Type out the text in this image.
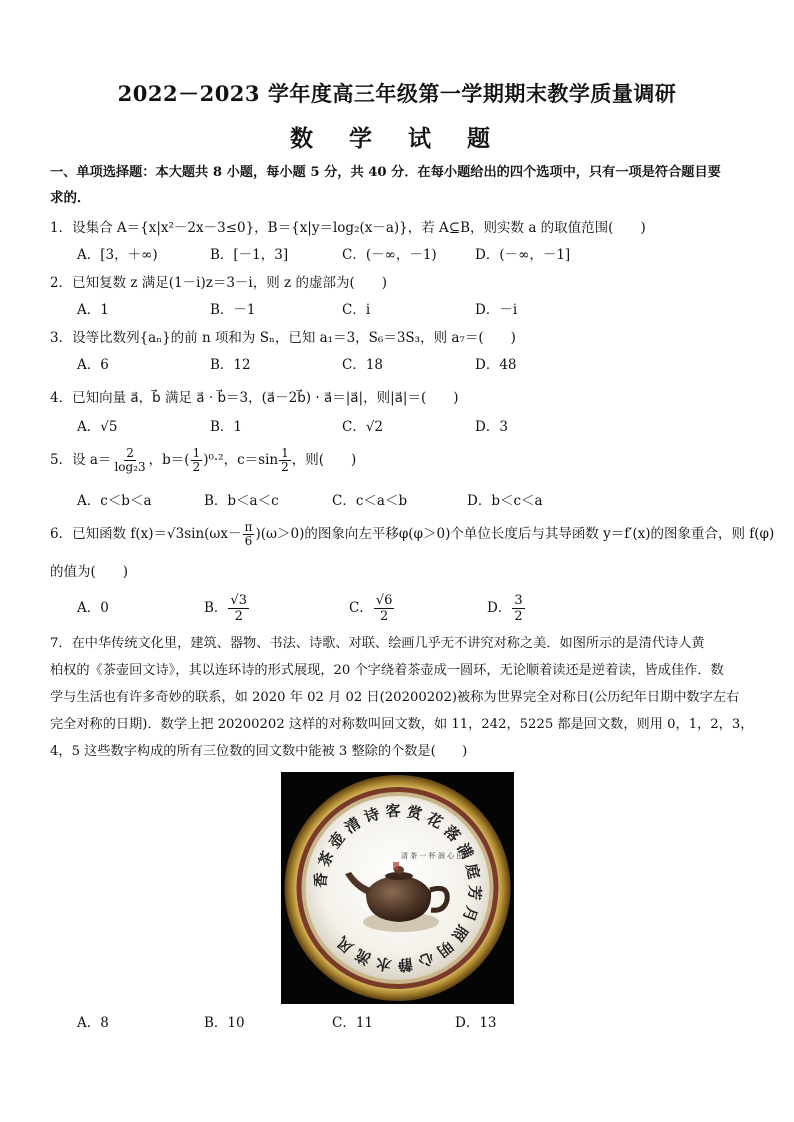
2022－2023 学年度高三年级第一学期期末教学质量调研
数 学 试 题
一、单项选择题：本大题共 8 小题，每小题 5 分，共 40 分．在每小题给出的四个选项中，只有一项是符合题目要
求的．
1．设集合 A＝{x|x²－2x－3≤0}，B＝{x|y＝log₂(x－a)}，若 A⊆B，则实数 a 的取值范围(　　)
A．[3，＋∞)	B．[－1，3]	C．(－∞，－1)	D．(－∞，－1]
2．已知复数 z 满足(1－i)z＝3－i，则 z 的虚部为(　　)
A．1	B．－1	C．i	D．－i
3．设等比数列{aₙ}的前 n 项和为 Sₙ，已知 a₁＝3，S₆＝3S₃，则 a₇＝(　　)
A．6	B．12	C．18	D．48
4．已知向量 a⃗，b⃗ 满足 a⃗ · b⃗＝3，(a⃗－2b⃗) · a⃗＝|a⃗|，则|a⃗|＝(　　)
A．√5	B．1	C．√2	D．3
5．设 $a= \frac{2}{\text{log₂3}}$ ，$b=( \frac{1}{2} )^0\cdot^2$，$c=\sin \frac{1}{2}$ ，则(　　)
A．c＜b＜a	B．b＜a＜c	C．c＜a＜b	D．b＜c＜a
6．已知函数 $f(x)=√3\sin(\omega x- \frac{\pi}{6} )(\omega>0)$的图象向左平移φ(φ＞0)个单位长度后与其导函数 y＝f′(x)的图象重合，则 f(φ)
的值为(　　)
A．0	B． $\frac{√3}{2}$	C． $\frac{√6}{2}$	D． $\frac{3}{2}$
7．在中华传统文化里，建筑、器物、书法、诗歌、对联、绘画几乎无不讲究对称之美．如图所示的是清代诗人黄
柏权的《茶壶回文诗》，其以连环诗的形式展现，20 个字绕着茶壶成一圆环，无论顺着读还是逆着读，皆成佳作．数
学与生活也有许多奇妙的联系，如 2020 年 02 月 02 日(20200202)被称为世界完全对称日(公历纪年日期中数字左右
完全对称的日期)．数学上把 20200202 这样的对称数叫回文数，如 11，242，5225 都是回文数，则用 0，1，2，3，
4，5 这些数字构成的所有三位数的回文数中能被 3 整除的个数是(　　)
香 茶 壶 清 诗 客 赏 花 落 满 庭 芳 月 照 明 心 静 水 流 风
清 茶 一 杯 润 心 田
A．8	B．10	C．11	D．13
